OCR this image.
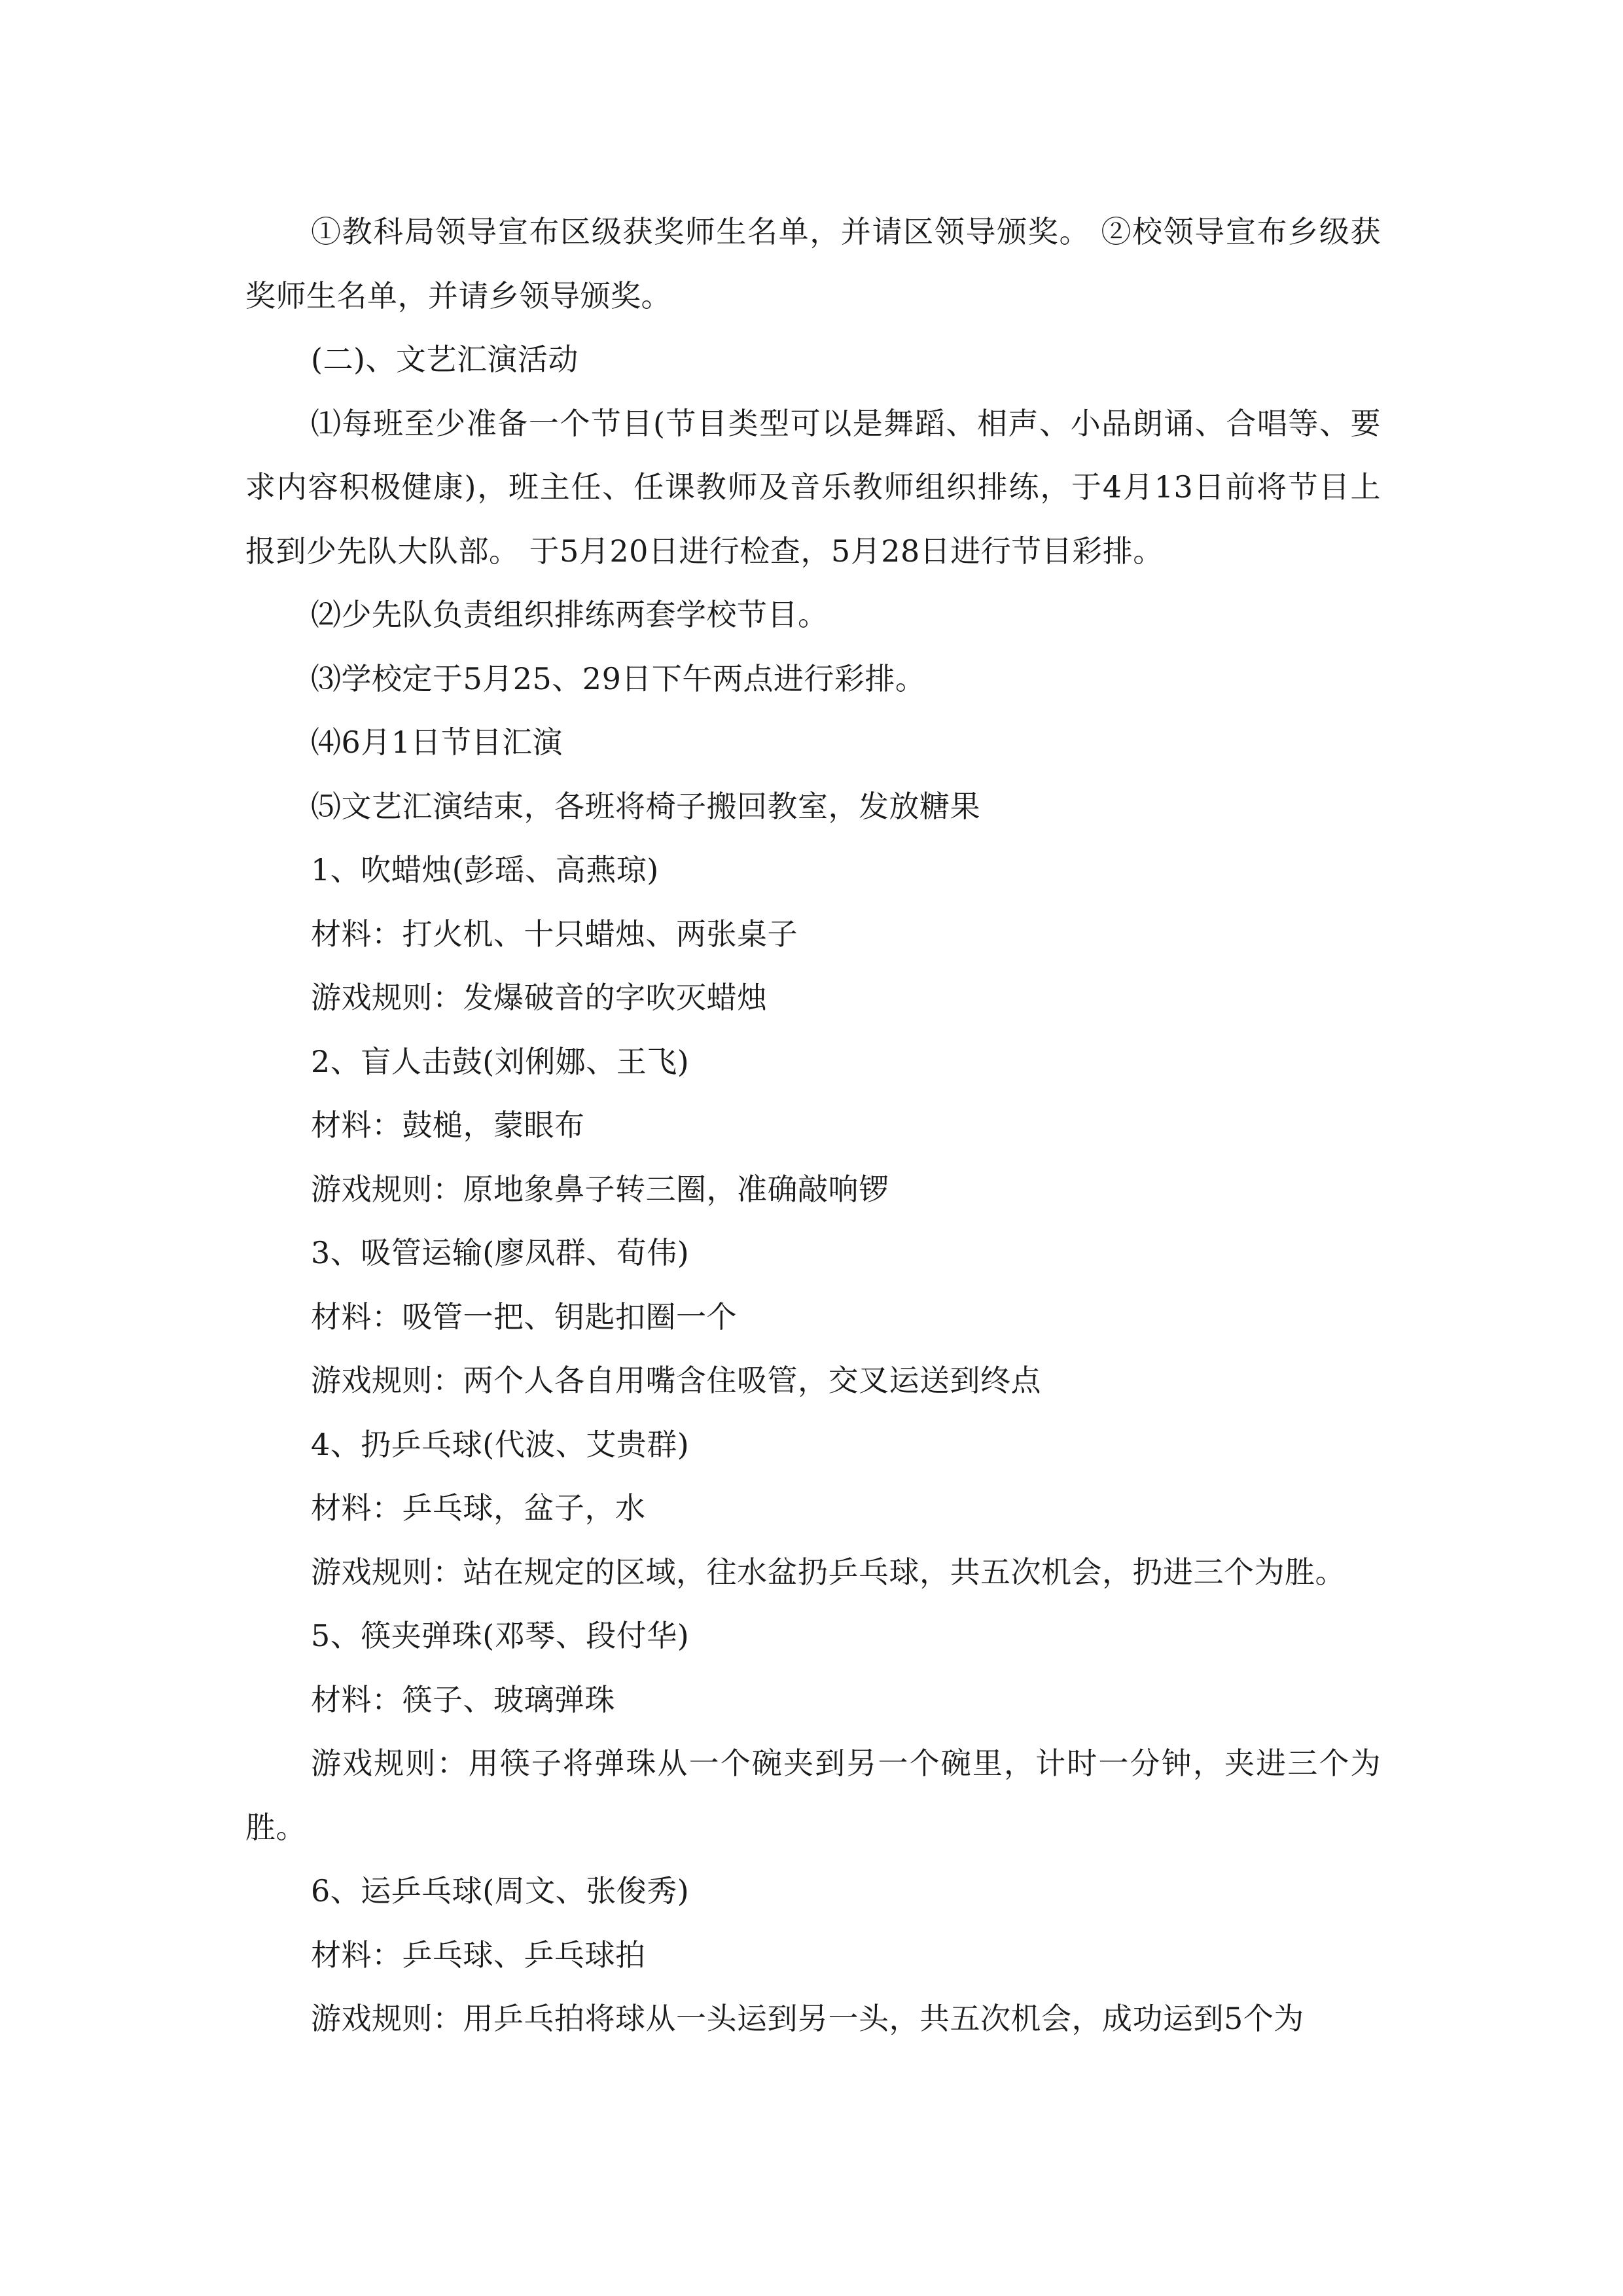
①教科局领导宣布区级获奖师生名单，并请区领导颁奖。 ②校领导宣布乡级获奖师生名单，并请乡领导颁奖。

(二)、文艺汇演活动

⑴每班至少准备一个节目(节目类型可以是舞蹈、相声、小品朗诵、合唱等、要求内容积极健康)，班主任、任课教师及音乐教师组织排练，于4月13日前将节目上报到少先队大队部。 于5月20日进行检查，5月28日进行节目彩排。

⑵少先队负责组织排练两套学校节目。

⑶学校定于5月25、29日下午两点进行彩排。

⑷6月1日节目汇演

⑸文艺汇演结束，各班将椅子搬回教室，发放糖果

1、吹蜡烛(彭瑶、高燕琼)

材料：打火机、十只蜡烛、两张桌子

游戏规则：发爆破音的字吹灭蜡烛

2、盲人击鼓(刘俐娜、王飞)

材料：鼓槌，蒙眼布

游戏规则：原地象鼻子转三圈，准确敲响锣

3、吸管运输(廖凤群、荀伟)

材料：吸管一把、钥匙扣圈一个

游戏规则：两个人各自用嘴含住吸管，交叉运送到终点

4、扔乒乓球(代波、艾贵群)

材料：乒乓球，盆子，水

游戏规则：站在规定的区域，往水盆扔乒乓球，共五次机会，扔进三个为胜。

5、筷夹弹珠(邓琴、段付华)

材料：筷子、玻璃弹珠

游戏规则：用筷子将弹珠从一个碗夹到另一个碗里，计时一分钟，夹进三个为胜。

6、运乒乓球(周文、张俊秀)

材料：乒乓球、乒乓球拍

游戏规则：用乒乓拍将球从一头运到另一头，共五次机会，成功运到5个为
